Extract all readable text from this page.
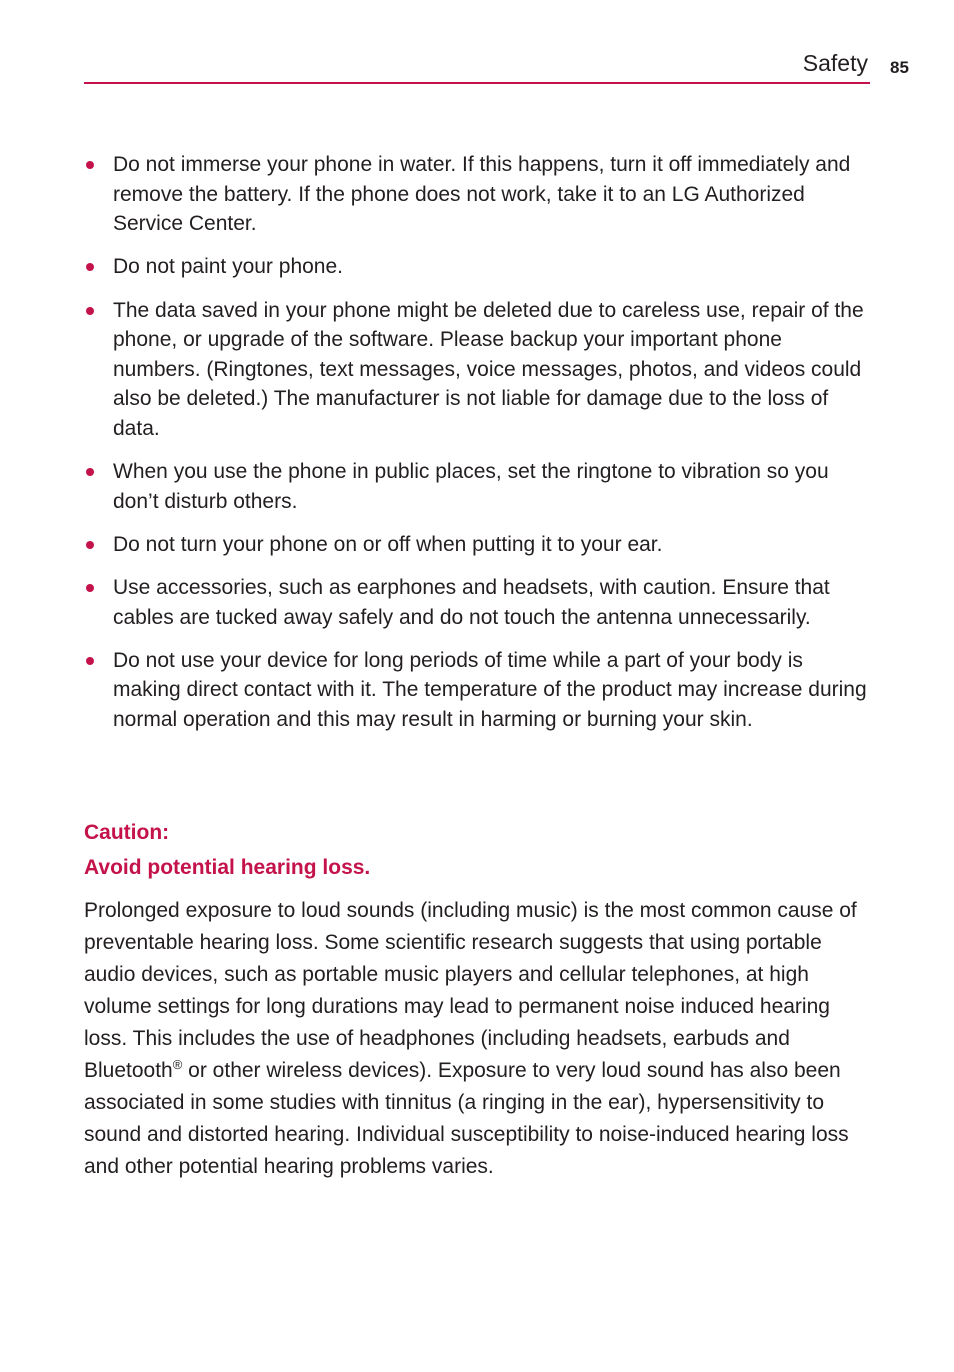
Safety 85
Do not immerse your phone in water. If this happens, turn it off immediately and remove the battery. If the phone does not work, take it to an LG Authorized Service Center.
Do not paint your phone.
The data saved in your phone might be deleted due to careless use, repair of the phone, or upgrade of the software. Please backup your important phone numbers. (Ringtones, text messages, voice messages, photos, and videos could also be deleted.) The manufacturer is not liable for damage due to the loss of data.
When you use the phone in public places, set the ringtone to vibration so you don’t disturb others.
Do not turn your phone on or off when putting it to your ear.
Use accessories, such as earphones and headsets, with caution. Ensure that cables are tucked away safely and do not touch the antenna unnecessarily.
Do not use your device for long periods of time while a part of your body is making direct contact with it. The temperature of the product may increase during normal operation and this may result in harming or burning your skin.
Caution:
Avoid potential hearing loss.

Prolonged exposure to loud sounds (including music) is the most common cause of preventable hearing loss. Some scientific research suggests that using portable audio devices, such as portable music players and cellular telephones, at high volume settings for long durations may lead to permanent noise induced hearing loss. This includes the use of headphones (including headsets, earbuds and Bluetooth® or other wireless devices). Exposure to very loud sound has also been associated in some studies with tinnitus (a ringing in the ear), hypersensitivity to sound and distorted hearing. Individual susceptibility to noise-induced hearing loss and other potential hearing problems varies.
